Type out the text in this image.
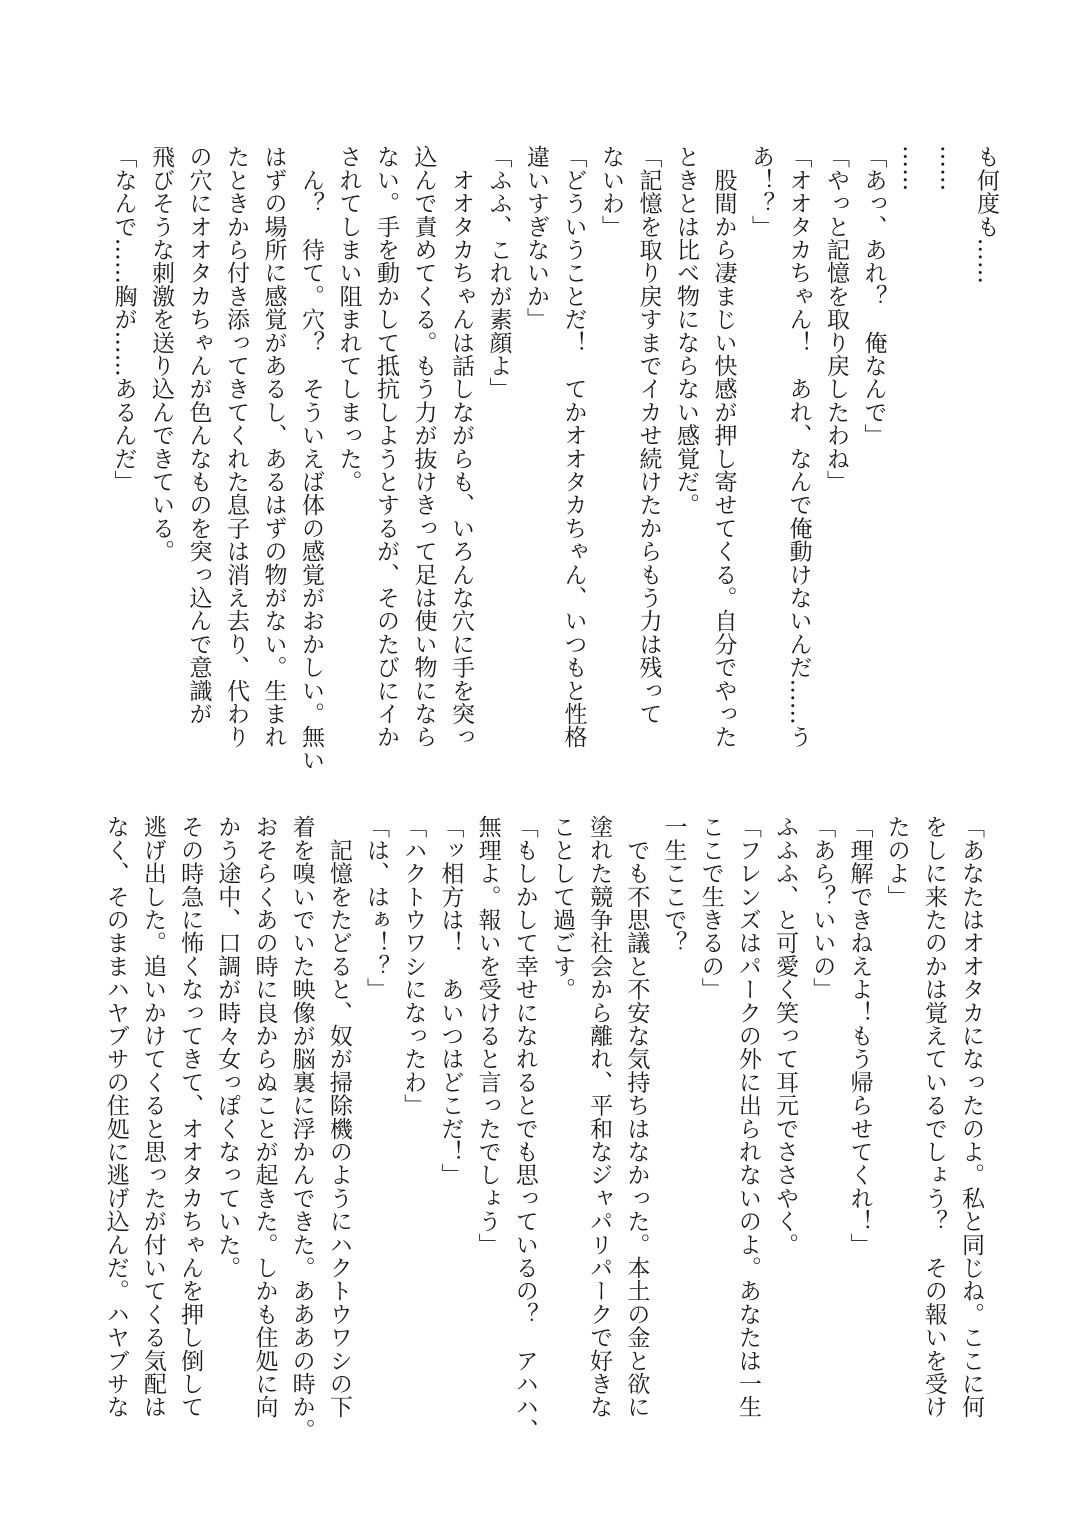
も何度も……
……
……
「あっ、あれ？　俺なんで」
「やっと記憶を取り戻したわね」
「オオタカちゃん！　あれ、なんで俺動けないんだ……う
あ！？」
　股間から凄まじい快感が押し寄せてくる。自分でやった
ときとは比べ物にならない感覚だ。
「記憶を取り戻すまでイカせ続けたからもう力は残って
ないわ」
「どういうことだ！　てかオオタカちゃん、いつもと性格
違いすぎないか」
「ふふ、これが素顔よ」
　オオタカちゃんは話しながらも、いろんな穴に手を突っ
込んで責めてくる。もう力が抜けきって足は使い物になら
ない。手を動かして抵抗しようとするが、そのたびにイか
されてしまい阻まれてしまった。
　ん？　待て。穴？　そういえば体の感覚がおかしい。無い
はずの場所に感覚があるし、あるはずの物がない。生まれ
たときから付き添ってきてくれた息子は消え去り、代わり
の穴にオオタカちゃんが色んなものを突っ込んで意識が
飛びそうな刺激を送り込んできている。
「なんで……胸が……あるんだ」
「あなたはオオタカになったのよ。私と同じね。ここに何
をしに来たのかは覚えているでしょう？　その報いを受け
たのよ」
「理解できねえよ！もう帰らせてくれ！」
「あら？いいの」
ふふふ、と可愛く笑って耳元でささやく。
「フレンズはパークの外に出られないのよ。あなたは一生
ここで生きるの」
一生ここで？
　でも不思議と不安な気持ちはなかった。本土の金と欲に
塗れた競争社会から離れ、平和なジャパリパークで好きな
ことして過ごす。
「もしかして幸せになれるとでも思っているの？　アハハ、
無理よ。報いを受けると言ったでしょう」
「ッ相方は！　あいつはどこだ！」
「ハクトウワシになったわ」
「は、はぁ！？」
　記憶をたどると、奴が掃除機のようにハクトウワシの下
着を嗅いでいた映像が脳裏に浮かんできた。あああの時か。
おそらくあの時に良からぬことが起きた。しかも住処に向
かう途中、口調が時々女っぽくなっていた。
その時急に怖くなってきて、オオタカちゃんを押し倒して
逃げ出した。追いかけてくると思ったが付いてくる気配は
なく、そのままハヤブサの住処に逃げ込んだ。ハヤブサな
